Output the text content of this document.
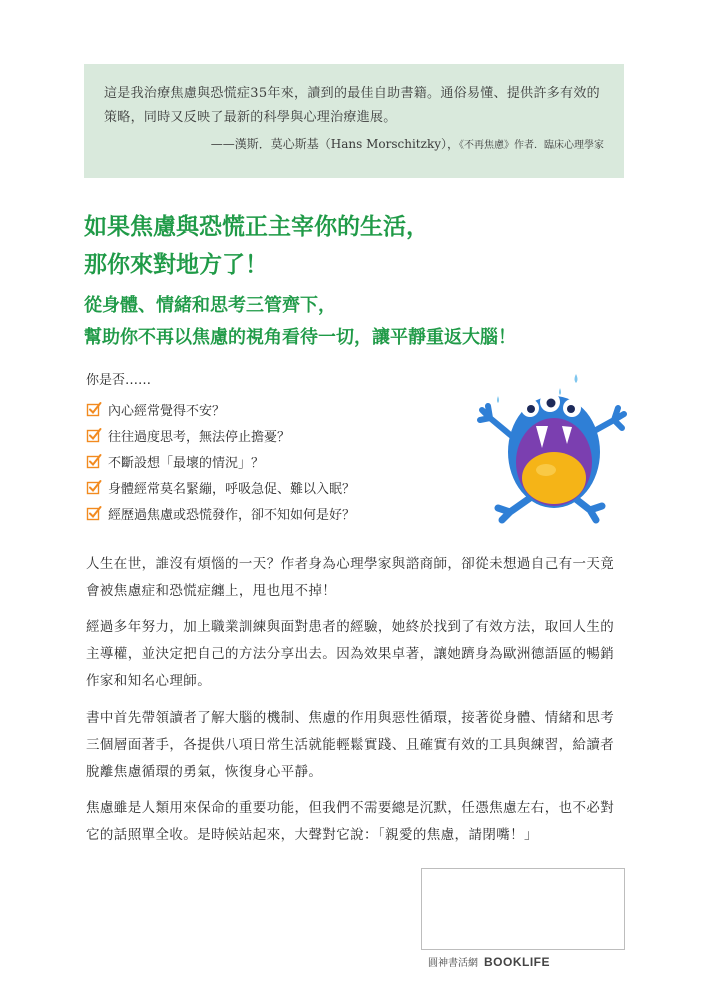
這是我治療焦慮與恐慌症35年來，讀到的最佳自助書籍。通俗易懂、提供許多有效的策略，同時又反映了最新的科學與心理治療進展。
——漢斯．莫心斯基（Hans Morschitzky），《不再焦慮》作者．臨床心理學家
如果焦慮與恐慌正主宰你的生活，
那你來對地方了！
從身體、情緒和思考三管齊下，
幫助你不再以焦慮的視角看待一切，讓平靜重返大腦！
你是否……
內心經常覺得不安？
往往過度思考，無法停止擔憂？
不斷設想「最壞的情況」？
身體經常莫名緊繃，呼吸急促、難以入眠？
經歷過焦慮或恐慌發作，卻不知如何是好？

人生在世，誰沒有煩惱的一天？作者身為心理學家與諮商師，卻從未想過自己有一天竟會被焦慮症和恐慌症纏上，甩也甩不掉！

經過多年努力，加上職業訓練與面對患者的經驗，她終於找到了有效方法，取回人生的主導權，並決定把自己的方法分享出去。因為效果卓著，讓她躋身為歐洲德語區的暢銷作家和知名心理師。

書中首先帶領讀者了解大腦的機制、焦慮的作用與惡性循環，接著從身體、情緒和思考三個層面著手，各提供八項日常生活就能輕鬆實踐、且確實有效的工具與練習，給讀者脫離焦慮循環的勇氣，恢復身心平靜。

焦慮雖是人類用來保命的重要功能，但我們不需要總是沉默，任憑焦慮左右，也不必對它的話照單全收。是時候站起來，大聲對它說：「親愛的焦慮，請閉嘴！」

圓神書活網 BOOKLIFE
